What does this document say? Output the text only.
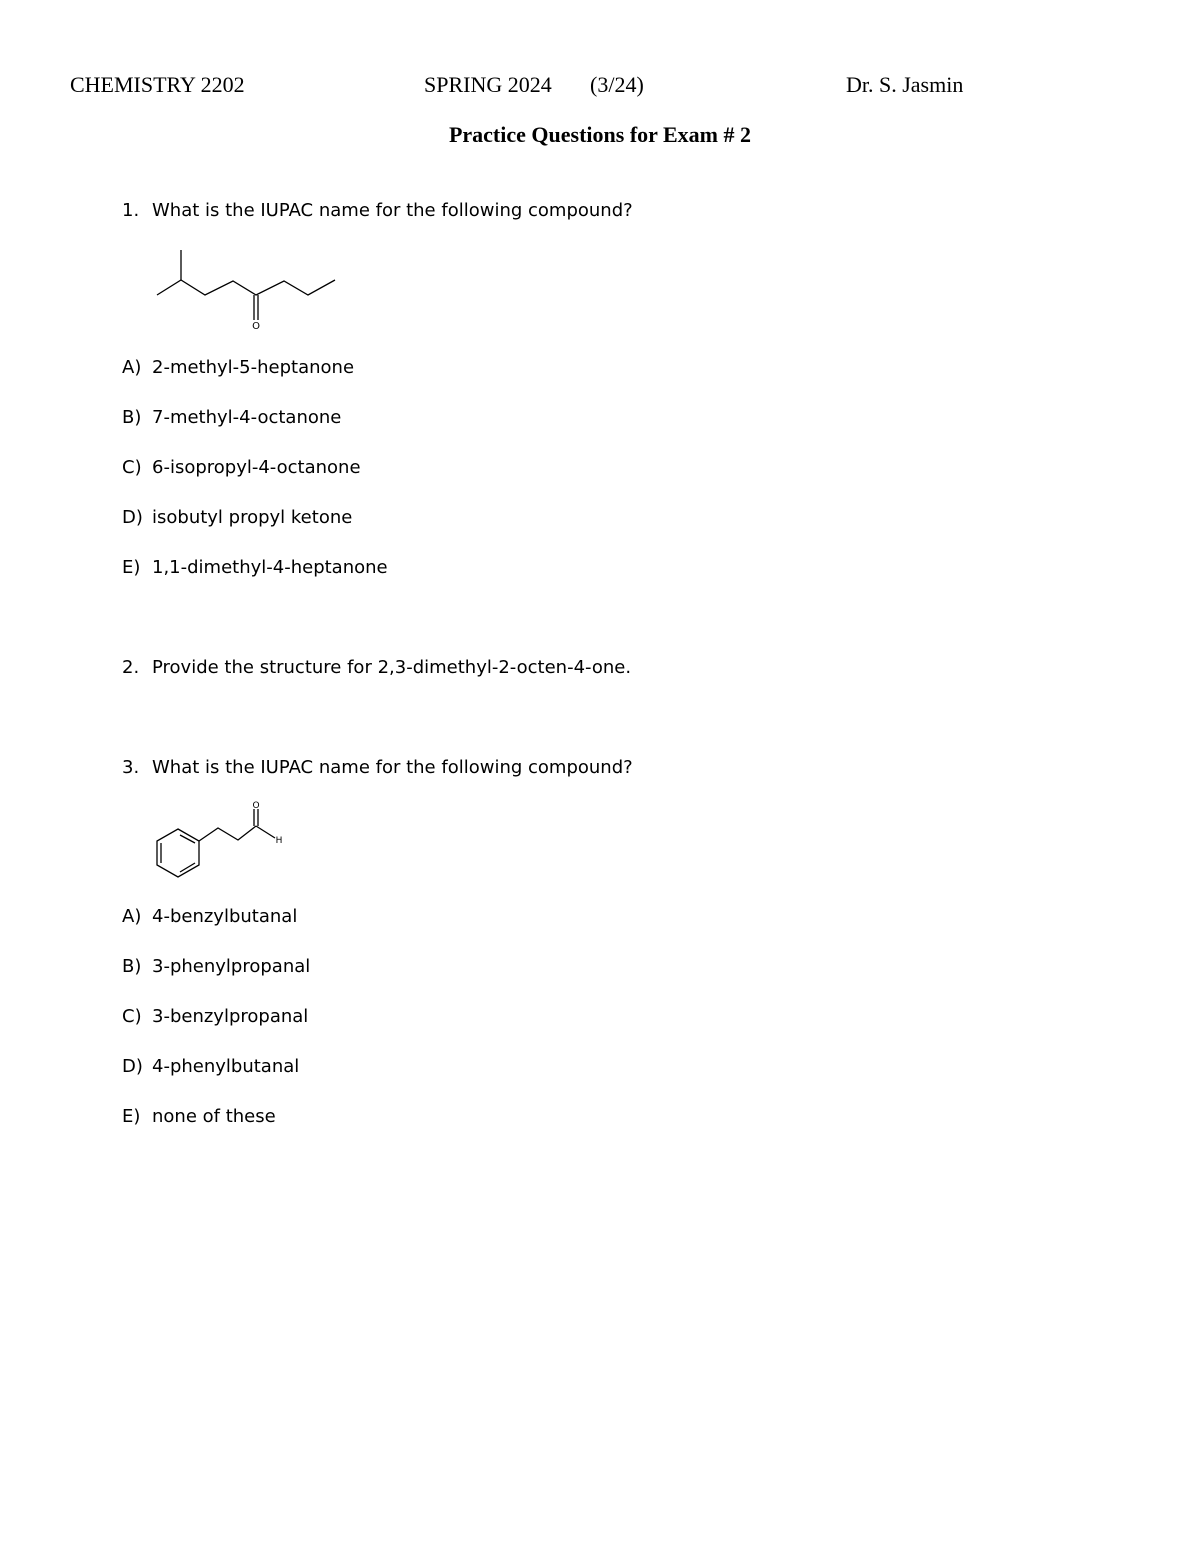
CHEMISTRY 2202	SPRING 2024 (3/24)	Dr. S. Jasmin
Practice Questions for Exam # 2
1. What is the IUPAC name for the following compound?
O
A) 2-methyl-5-heptanone
B) 7-methyl-4-octanone
C) 6-isopropyl-4-octanone
D) isobutyl propyl ketone
E) 1,1-dimethyl-4-heptanone
2. Provide the structure for 2,3-dimethyl-2-octen-4-one.
3. What is the IUPAC name for the following compound?
O
H
A) 4-benzylbutanal
B) 3-phenylpropanal
C) 3-benzylpropanal
D) 4-phenylbutanal
E) none of these
